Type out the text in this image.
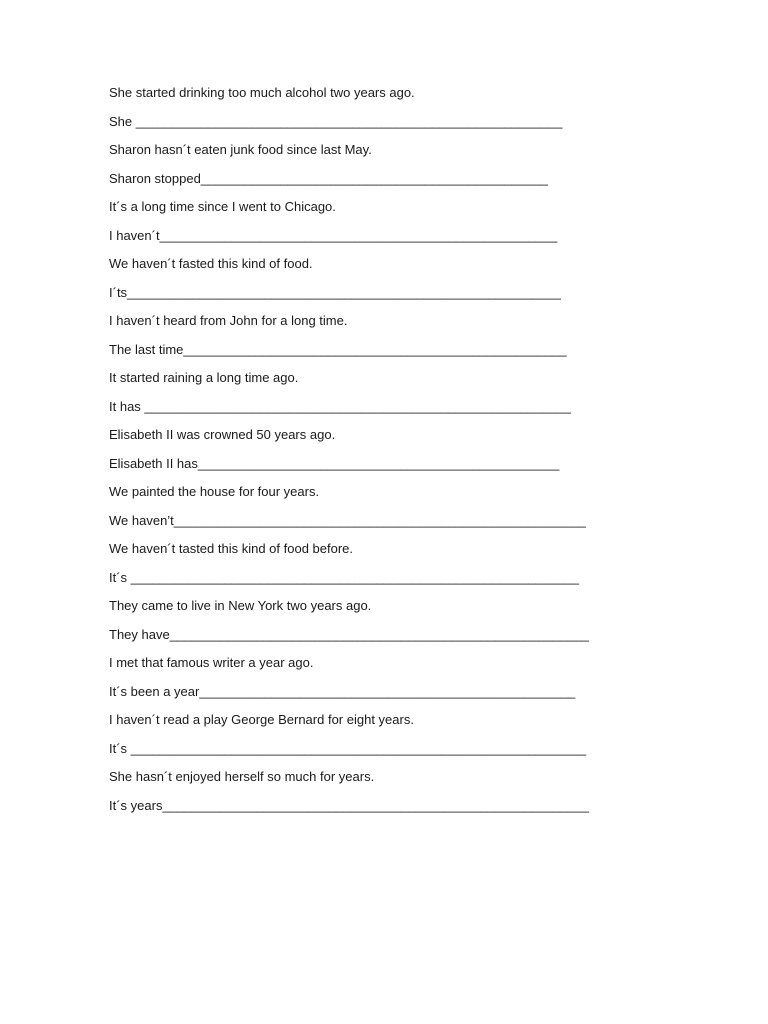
She started drinking too much alcohol two years ago.

She ___________________________________________________________

Sharon hasn´t eaten junk food since last May.

Sharon stopped________________________________________________

It´s a long time since I went to Chicago.

I haven´t_______________________________________________________

We haven´t fasted this kind of food.

I´ts____________________________________________________________

I haven´t heard from John for a long time.

The last time_____________________________________________________

It started raining a long time ago.

It has ___________________________________________________________

Elisabeth II was crowned 50 years ago.

Elisabeth II has__________________________________________________

We painted the house for four years.

We haven’t_________________________________________________________

We haven´t tasted this kind of food before.

It´s ______________________________________________________________

They came to live in New York two years ago.

They have__________________________________________________________

I met that famous writer a year ago.

It´s been a year____________________________________________________

I haven´t read a play George Bernard for eight years.

It´s _______________________________________________________________

She hasn´t enjoyed herself so much for years.

It´s years___________________________________________________________
